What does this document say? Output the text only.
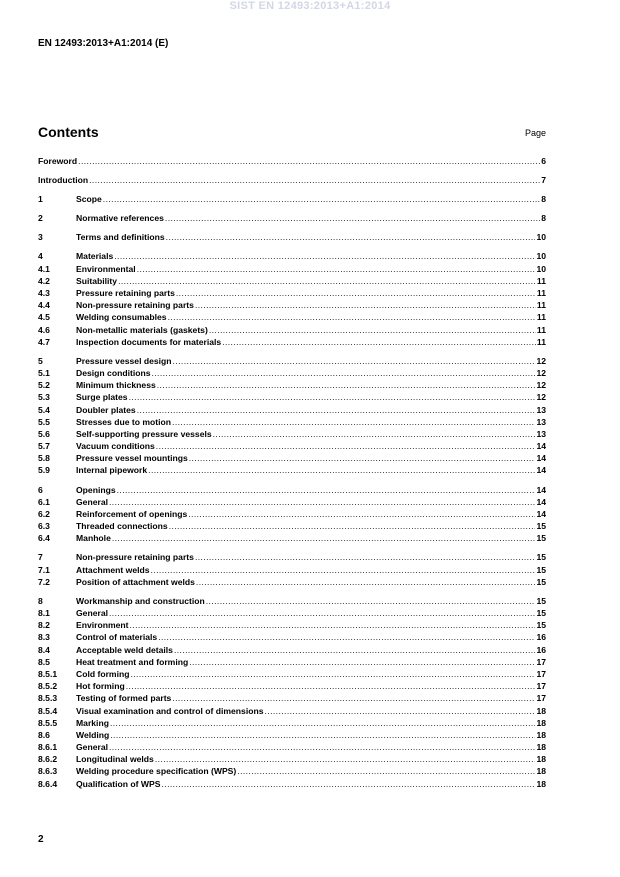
SIST EN 12493:2013+A1:2014
EN 12493:2013+A1:2014 (E)
Contents	Page
Foreword .....	6
Introduction .....	7
1	Scope .....	8
2	Normative references .....	8
3	Terms and definitions .....	10
4	Materials .....	10
4.1	Environmental .....	10
4.2	Suitability .....	11
4.3	Pressure retaining parts .....	11
4.4	Non-pressure retaining parts .....	11
4.5	Welding consumables .....	11
4.6	Non-metallic materials (gaskets) .....	11
4.7	Inspection documents for materials .....	11
5	Pressure vessel design .....	12
5.1	Design conditions .....	12
5.2	Minimum thickness .....	12
5.3	Surge plates .....	12
5.4	Doubler plates .....	13
5.5	Stresses due to motion .....	13
5.6	Self-supporting pressure vessels .....	13
5.7	Vacuum conditions .....	14
5.8	Pressure vessel mountings .....	14
5.9	Internal pipework .....	14
6	Openings .....	14
6.1	General .....	14
6.2	Reinforcement of openings .....	14
6.3	Threaded connections .....	15
6.4	Manhole .....	15
7	Non-pressure retaining parts .....	15
7.1	Attachment welds .....	15
7.2	Position of attachment welds .....	15
8	Workmanship and construction .....	15
8.1	General .....	15
8.2	Environment .....	15
8.3	Control of materials .....	16
8.4	Acceptable weld details .....	16
8.5	Heat treatment and forming .....	17
8.5.1	Cold forming .....	17
8.5.2	Hot forming .....	17
8.5.3	Testing of formed parts .....	17
8.5.4	Visual examination and control of dimensions .....	18
8.5.5	Marking .....	18
8.6	Welding .....	18
8.6.1	General .....	18
8.6.2	Longitudinal welds .....	18
8.6.3	Welding procedure specification (WPS) .....	18
8.6.4	Qualification of WPS .....	18
2
